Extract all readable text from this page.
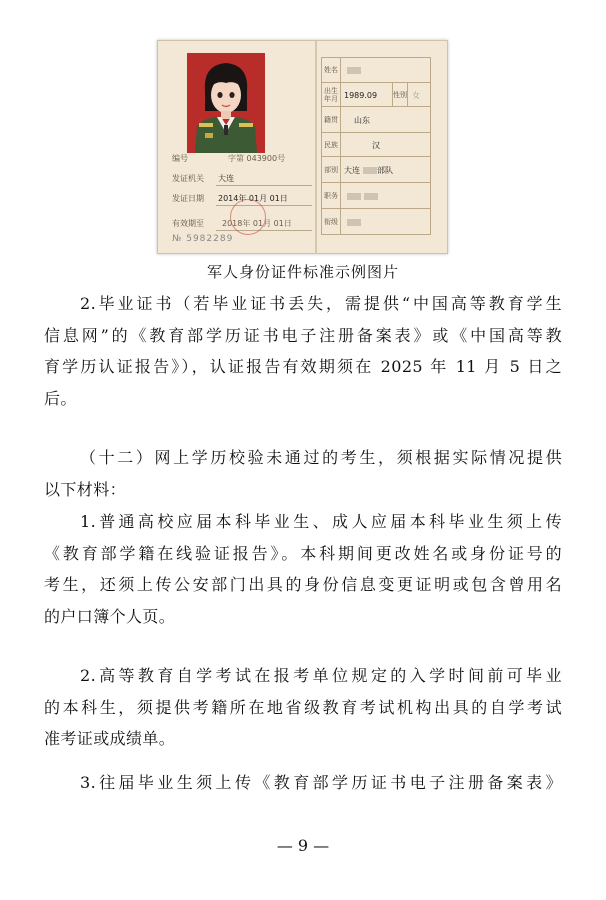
编号	字第 043900号
发证机关 大连
发证日期 2014年 01月 01日
有效期至 2018年 01月 01日
№ 5982289
姓名
出生年月 1989.09 性别 女
籍贯	山东
民族	汉
部别 大连 部队
职务
衔级
军人身份证件标准示例图片
2.毕业证书（若毕业证书丢失，需提供“中国高等教育学生
信息网”的《教育部学历证书电子注册备案表》或《中国高等教
育学历认证报告》），认证报告有效期须在 2025 年 11 月 5 日之
后。
（十二）网上学历校验未通过的考生，须根据实际情况提供
以下材料：
1.普通高校应届本科毕业生、成人应届本科毕业生须上传
《教育部学籍在线验证报告》。本科期间更改姓名或身份证号的
考生，还须上传公安部门出具的身份信息变更证明或包含曾用名
的户口簿个人页。
2.高等教育自学考试在报考单位规定的入学时间前可毕业
的本科生，须提供考籍所在地省级教育考试机构出具的自学考试
准考证或成绩单。
3.往届毕业生须上传《教育部学历证书电子注册备案表》
— 9 —
